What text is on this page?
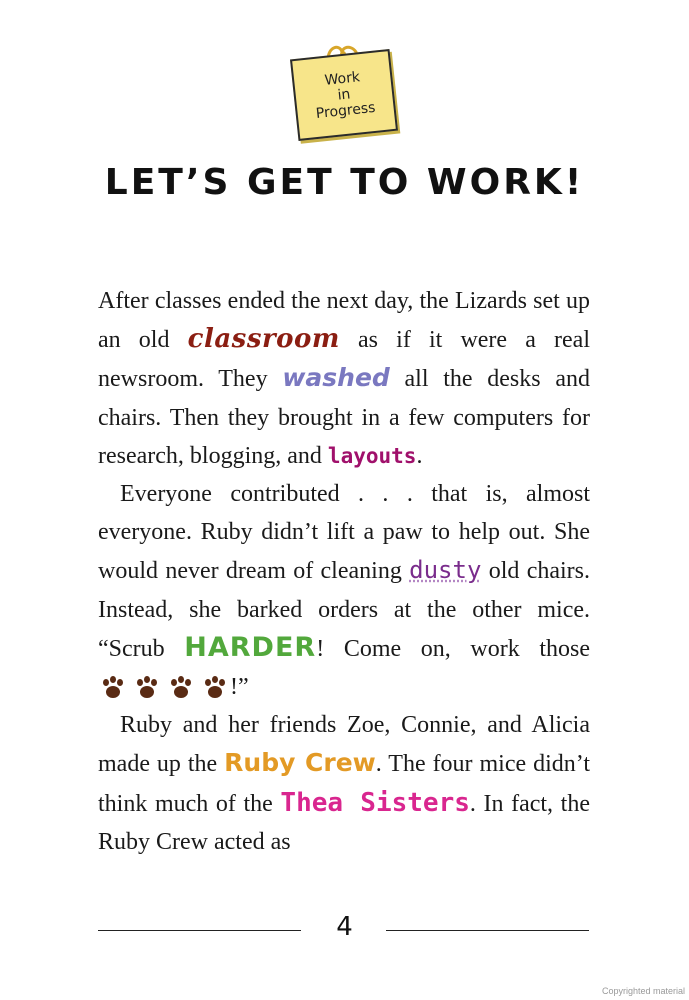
Work
in
Progress
LET’S GET TO WORK!

After classes ended the next day, the Lizards set up an old classroom as if it were a real newsroom. They washed all the desks and chairs. Then they brought in a few computers for research, blogging, and layouts.

Everyone contributed . . . that is, almost everyone. Ruby didn’t lift a paw to help out. She would never dream of cleaning dusty old chairs. Instead, she barked orders at the other mice. “Scrub HARDER! Come on, work those
P	A	W	S
!”

Ruby and her friends Zoe, Connie, and Alicia made up the Ruby Crew. The four mice didn’t think much of the Thea Sisters. In fact, the Ruby Crew acted as

4
Copyrighted material
